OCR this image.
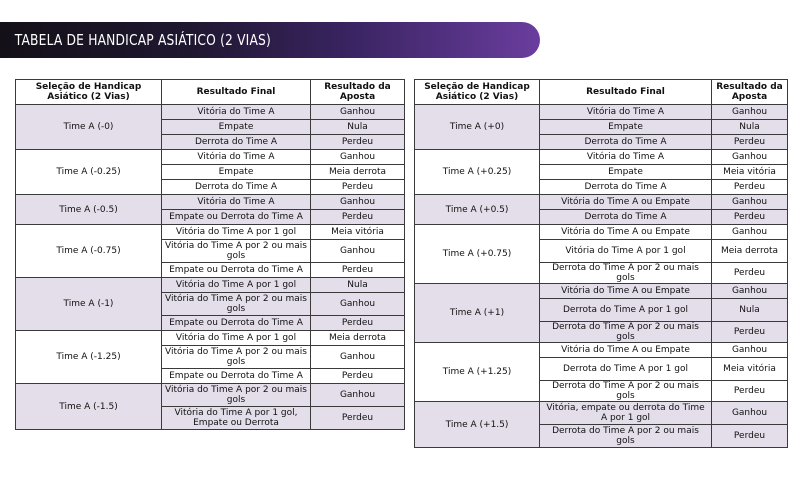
TABELA DE HANDICAP ASIÁTICO (2 VIAS)
Seleção de Handicap Asiático (2 Vias)	Resultado Final	Resultado da Aposta
Time A (-0)	Vitória do Time A	Ganhou
	Empate	Nula
	Derrota do Time A	Perdeu
Time A (-0.25)	Vitória do Time A	Ganhou
	Empate	Meia derrota
	Derrota do Time A	Perdeu
Time A (-0.5)	Vitória do Time A	Ganhou
	Empate ou Derrota do Time A	Perdeu
Time A (-0.75)	Vitória do Time A por 1 gol	Meia vitória
	Vitória do Time A por 2 ou mais gols	Ganhou
	Empate ou Derrota do Time A	Perdeu
Time A (-1)	Vitória do Time A por 1 gol	Nula
	Vitória do Time A por 2 ou mais gols	Ganhou
	Empate ou Derrota do Time A	Perdeu
Time A (-1.25)	Vitória do Time A por 1 gol	Meia derrota
	Vitória do Time A por 2 ou mais gols	Ganhou
	Empate ou Derrota do Time A	Perdeu
Time A (-1.5)	Vitória do Time A por 2 ou mais gols	Ganhou
	Vitória do Time A por 1 gol, Empate ou Derrota	Perdeu
Seleção de Handicap Asiático (2 Vias)	Resultado Final	Resultado da Aposta
Time A (+0)	Vitória do Time A	Ganhou
	Empate	Nula
	Derrota do Time A	Perdeu
Time A (+0.25)	Vitória do Time A	Ganhou
	Empate	Meia vitória
	Derrota do Time A	Perdeu
Time A (+0.5)	Vitória do Time A ou Empate	Ganhou
	Derrota do Time A	Perdeu
Time A (+0.75)	Vitória do Time A ou Empate	Ganhou
	Vitória do Time A por 1 gol	Meia derrota
	Derrota do Time A por 2 ou mais gols	Perdeu
Time A (+1)	Vitória do Time A ou Empate	Ganhou
	Derrota do Time A por 1 gol	Nula
	Derrota do Time A por 2 ou mais gols	Perdeu
Time A (+1.25)	Vitória do Time A ou Empate	Ganhou
	Derrota do Time A por 1 gol	Meia vitória
	Derrota do Time A por 2 ou mais gols	Perdeu
Time A (+1.5)	Vitória, empate ou derrota do Time A por 1 gol	Ganhou
	Derrota do Time A por 2 ou mais gols	Perdeu
